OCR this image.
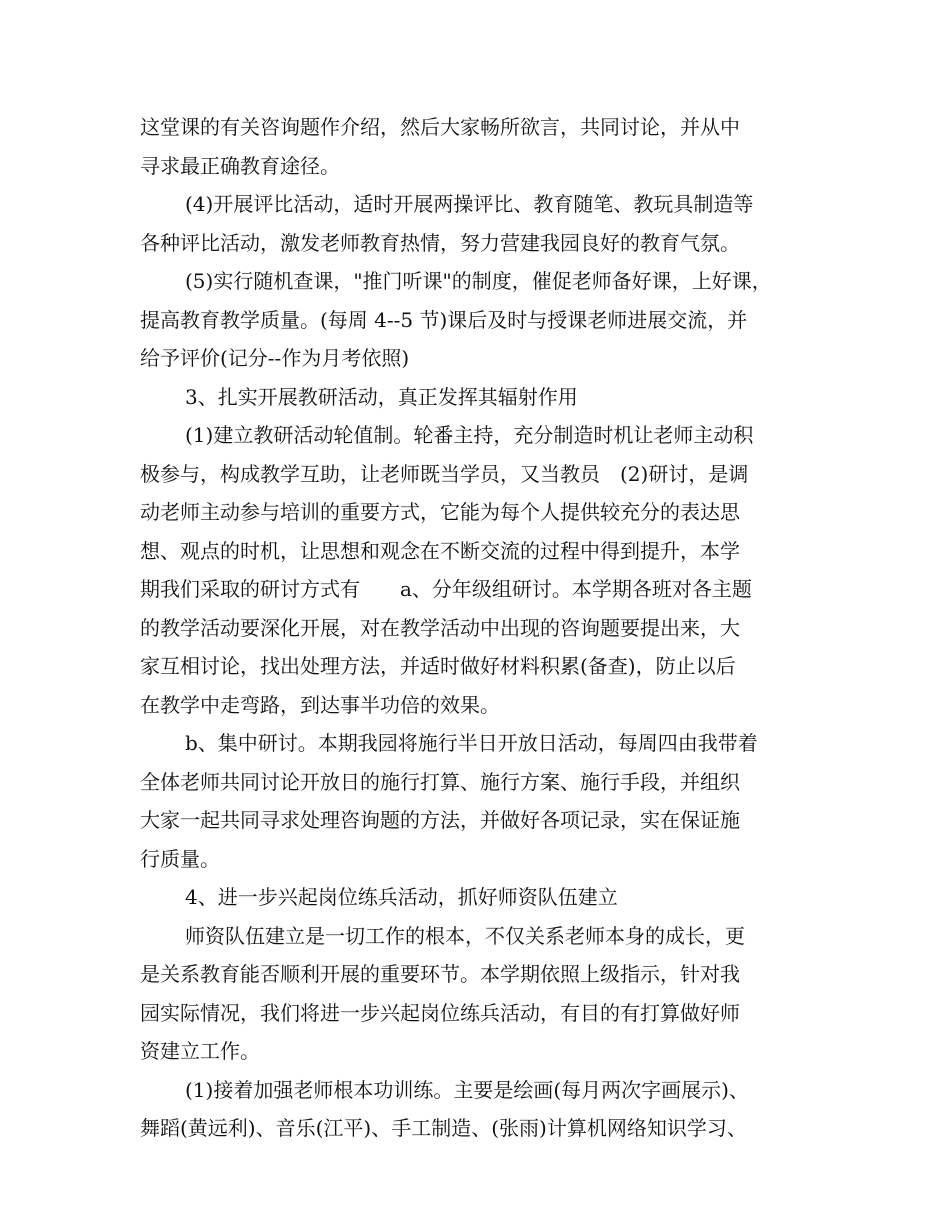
这堂课的有关咨询题作介绍，然后大家畅所欲言，共同讨论，并从中
寻求最正确教育途径。
(4)开展评比活动，适时开展两操评比、教育随笔、教玩具制造等
各种评比活动，激发老师教育热情，努力营建我园良好的教育气氛。
(5)实行随机查课，"推门听课"的制度，催促老师备好课，上好课，
提高教育教学质量。(每周 4--5 节)课后及时与授课老师进展交流，并
给予评价(记分--作为月考依照)
3、扎实开展教研活动，真正发挥其辐射作用
(1)建立教研活动轮值制。轮番主持，充分制造时机让老师主动积
极参与，构成教学互助，让老师既当学员，又当教员　(2)研讨，是调
动老师主动参与培训的重要方式，它能为每个人提供较充分的表达思
想、观点的时机，让思想和观念在不断交流的过程中得到提升，本学
期我们采取的研讨方式有　　a、分年级组研讨。本学期各班对各主题
的教学活动要深化开展，对在教学活动中出现的咨询题要提出来，大
家互相讨论，找出处理方法，并适时做好材料积累(备查)，防止以后
在教学中走弯路，到达事半功倍的效果。
b、集中研讨。本期我园将施行半日开放日活动，每周四由我带着
全体老师共同讨论开放日的施行打算、施行方案、施行手段，并组织
大家一起共同寻求处理咨询题的方法，并做好各项记录，实在保证施
行质量。
4、进一步兴起岗位练兵活动，抓好师资队伍建立
师资队伍建立是一切工作的根本，不仅关系老师本身的成长，更
是关系教育能否顺利开展的重要环节。本学期依照上级指示，针对我
园实际情况，我们将进一步兴起岗位练兵活动，有目的有打算做好师
资建立工作。
(1)接着加强老师根本功训练。主要是绘画(每月两次字画展示)、
舞蹈(黄远利)、音乐(江平)、手工制造、(张雨)计算机网络知识学习、
